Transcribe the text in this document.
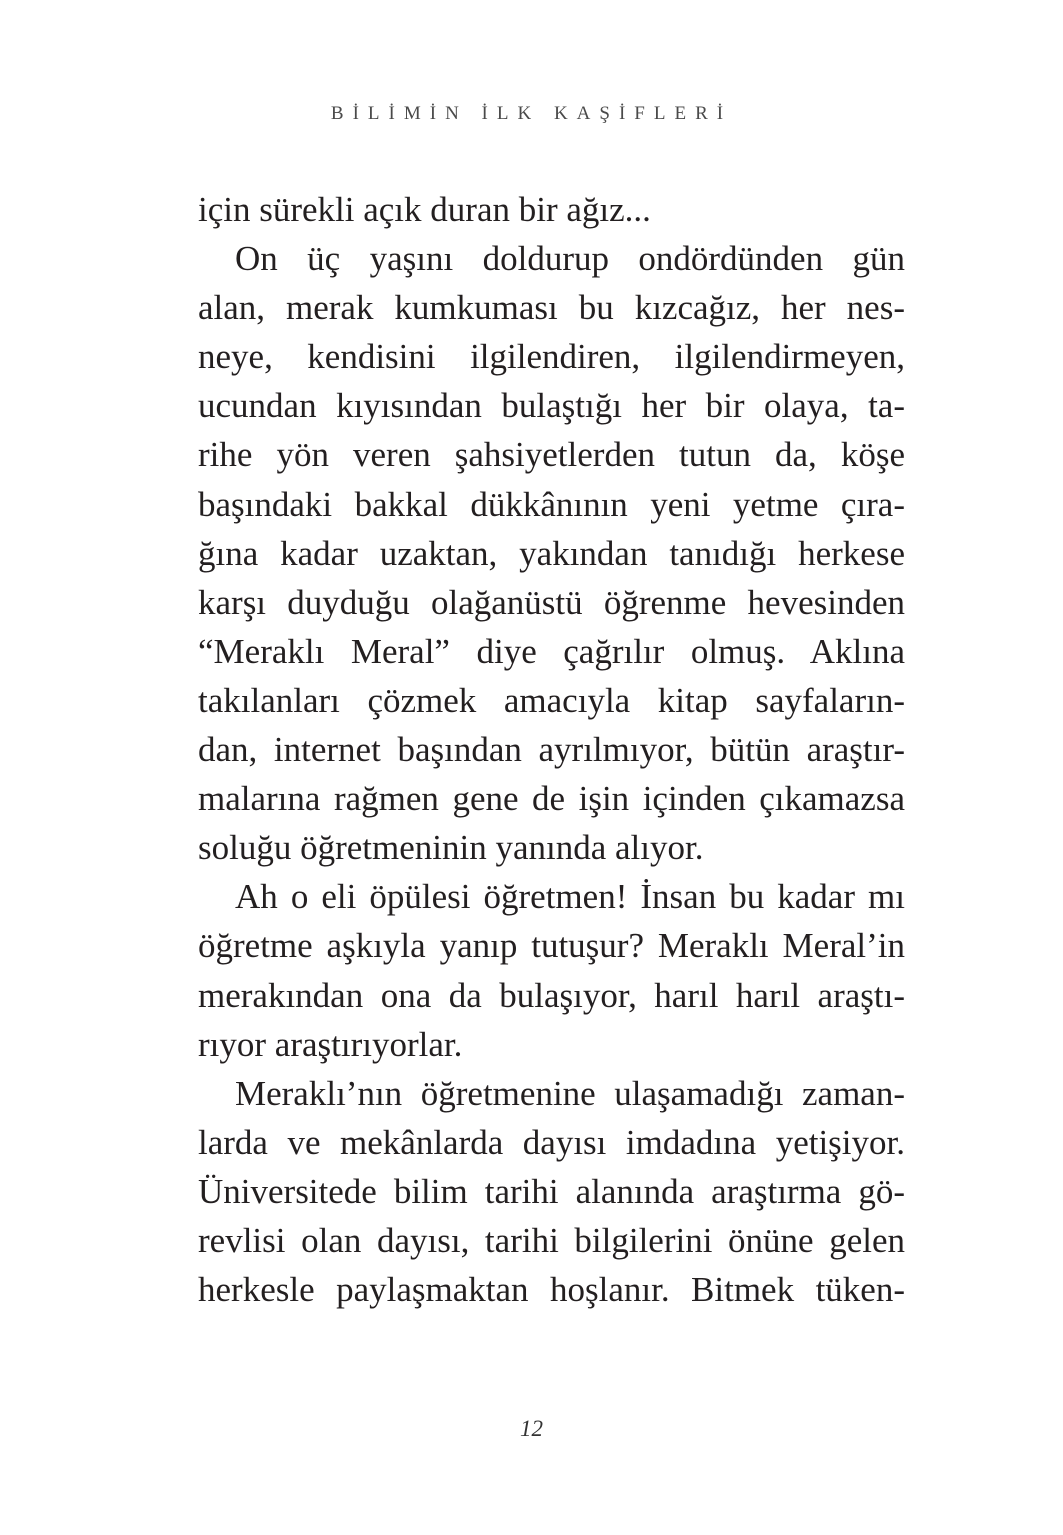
BİLİMİN İLK KAŞİFLERİ
için sürekli açık duran bir ağız...
On üç yaşını doldurup ondördünden gün
alan, merak kumkuması bu kızcağız, her nes-
neye, kendisini ilgilendiren, ilgilendirmeyen,
ucundan kıyısından bulaştığı her bir olaya, ta-
rihe yön veren şahsiyetlerden tutun da, köşe
başındaki bakkal dükkânının yeni yetme çıra-
ğına kadar uzaktan, yakından tanıdığı herkese
karşı duyduğu olağanüstü öğrenme hevesinden
“Meraklı Meral” diye çağrılır olmuş. Aklına
takılanları çözmek amacıyla kitap sayfaların-
dan, internet başından ayrılmıyor, bütün araştır-
malarına rağmen gene de işin içinden çıkamazsa
soluğu öğretmeninin yanında alıyor.
Ah o eli öpülesi öğretmen! İnsan bu kadar mı
öğretme aşkıyla yanıp tutuşur? Meraklı Meral’in
merakından ona da bulaşıyor, harıl harıl araştı-
rıyor araştırıyorlar.
Meraklı’nın öğretmenine ulaşamadığı zaman-
larda ve mekânlarda dayısı imdadına yetişiyor.
Üniversitede bilim tarihi alanında araştırma gö-
revlisi olan dayısı, tarihi bilgilerini önüne gelen
herkesle paylaşmaktan hoşlanır. Bitmek tüken-
12
